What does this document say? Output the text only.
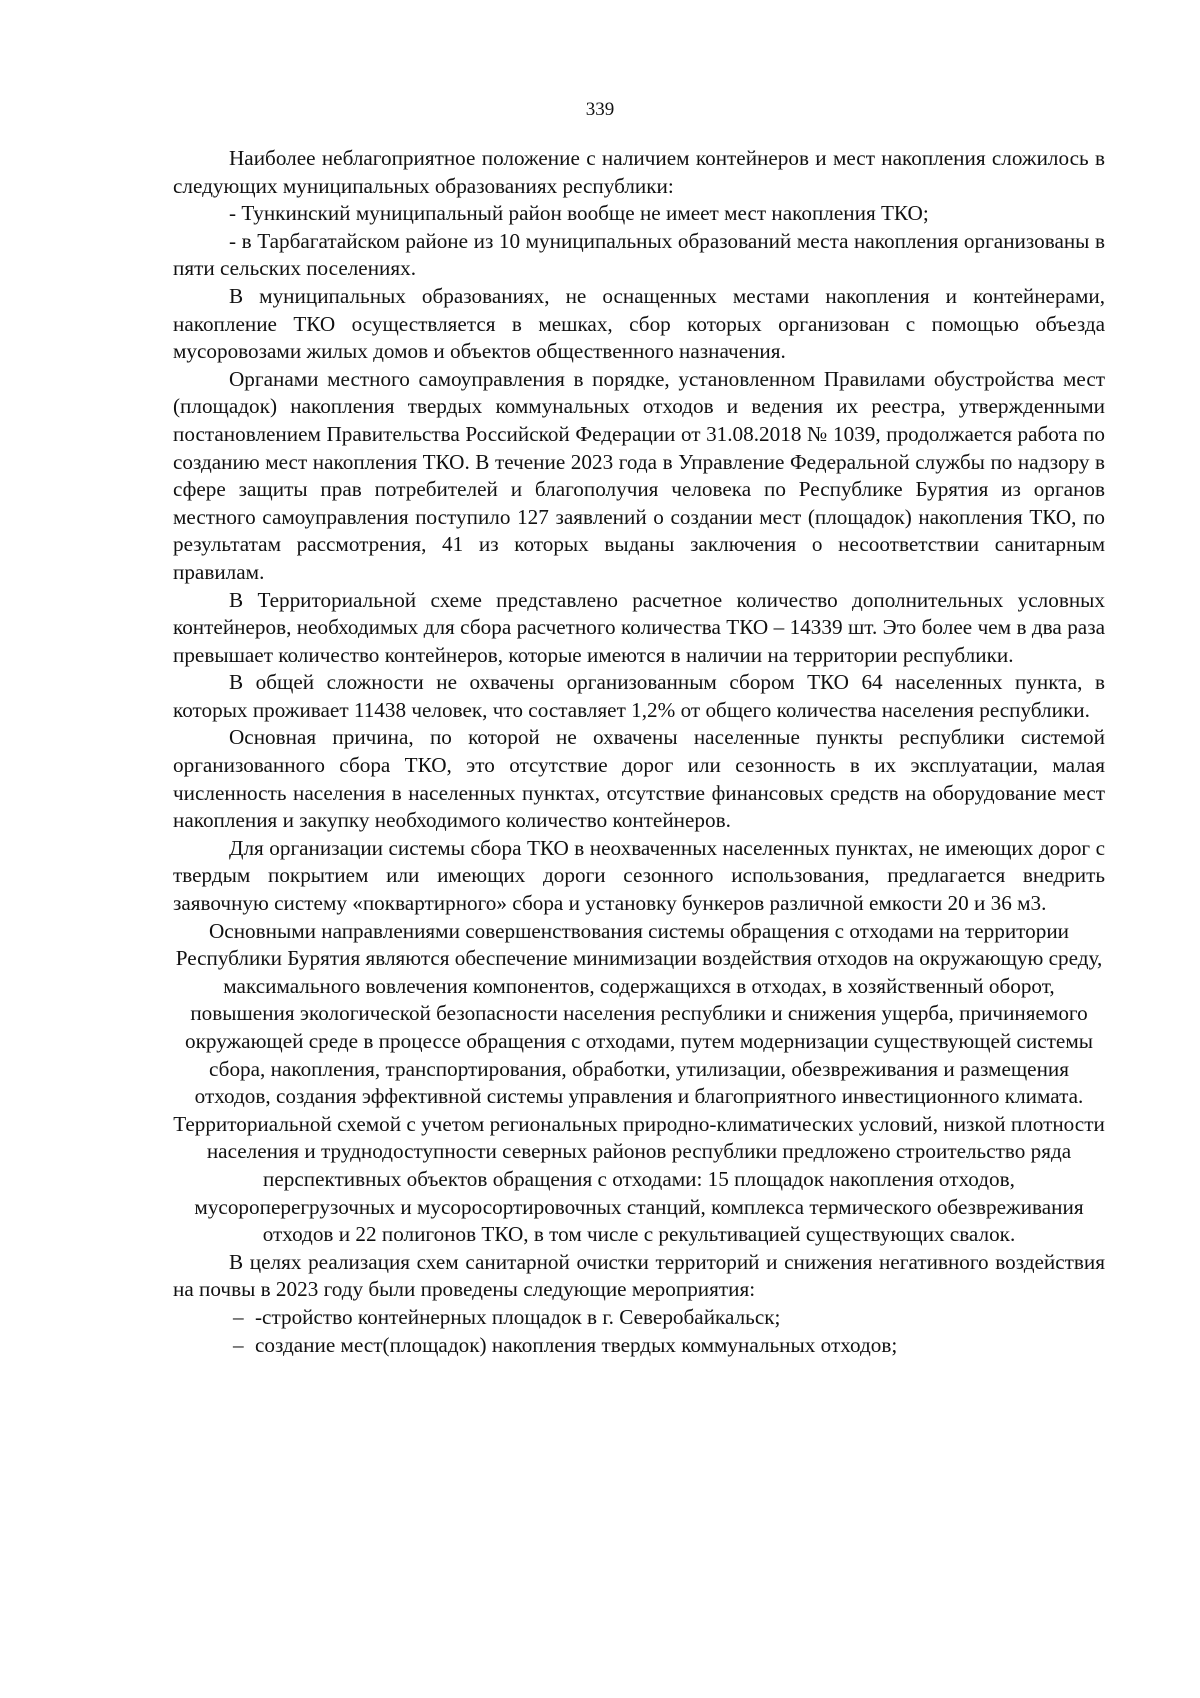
339

Наиболее неблагоприятное положение с наличием контейнеров и мест накопления сложилось в следующих муниципальных образованиях республики:

- Тункинский муниципальный район вообще не имеет мест накопления ТКО;

- в Тарбагатайском районе из 10 муниципальных образований места накопления организованы в пяти сельских поселениях.

В муниципальных образованиях, не оснащенных местами накопления и контейнерами, накопление ТКО осуществляется в мешках, сбор которых организован с помощью объезда мусоровозами жилых домов и объектов общественного назначения.

Органами местного самоуправления в порядке, установленном Правилами обустройства мест (площадок) накопления твердых коммунальных отходов и ведения их реестра, утвержденными постановлением Правительства Российской Федерации от 31.08.2018 № 1039, продолжается работа по созданию мест накопления ТКО. В течение 2023 года в Управление Федеральной службы по надзору в сфере защиты прав потребителей и благополучия человека по Республике Бурятия из органов местного самоуправления поступило 127 заявлений о создании мест (площадок) накопления ТКО, по результатам рассмотрения, 41 из которых выданы заключения о несоответствии санитарным правилам.

В Территориальной схеме представлено расчетное количество дополнительных условных контейнеров, необходимых для сбора расчетного количества ТКО – 14339 шт. Это более чем в два раза превышает количество контейнеров, которые имеются в наличии на территории республики.

В общей сложности не охвачены организованным сбором ТКО 64 населенных пункта, в которых проживает 11438 человек, что составляет 1,2% от общего количества населения республики.

Основная причина, по которой не охвачены населенные пункты республики системой организованного сбора ТКО, это отсутствие дорог или сезонность в их эксплуатации, малая численность населения в населенных пунктах, отсутствие финансовых средств на оборудование мест накопления и закупку необходимого количество контейнеров.

Для организации системы сбора ТКО в неохваченных населенных пунктах, не имеющих дорог с твердым покрытием или имеющих дороги сезонного использования, предлагается внедрить заявочную систему «поквартирного» сбора и установку бункеров различной емкости 20 и 36 м3.

Основными направлениями совершенствования системы обращения с отходами на территории Республики Бурятия являются обеспечение минимизации воздействия отходов на окружающую среду, максимального вовлечения компонентов, содержащихся в отходах, в хозяйственный оборот, повышения экологической безопасности населения республики и снижения ущерба, причиняемого окружающей среде в процессе обращения с отходами, путем модернизации существующей системы сбора, накопления, транспортирования, обработки, утилизации, обезвреживания и размещения отходов, создания эффективной системы управления и благоприятного инвестиционного климата.

Территориальной схемой с учетом региональных природно-климатических условий, низкой плотности населения и труднодоступности северных районов республики предложено строительство ряда перспективных объектов обращения с отходами: 15 площадок накопления отходов, мусороперегрузочных и мусоросортировочных станций, комплекса термического обезвреживания отходов и 22 полигонов ТКО, в том числе с рекультивацией существующих свалок.

В целях реализация схем санитарной очистки территорий и снижения негативного воздействия на почвы в 2023 году были проведены следующие мероприятия:

– -стройство контейнерных площадок в г. Северобайкальск;
– создание мест(площадок) накопления твердых коммунальных отходов;
